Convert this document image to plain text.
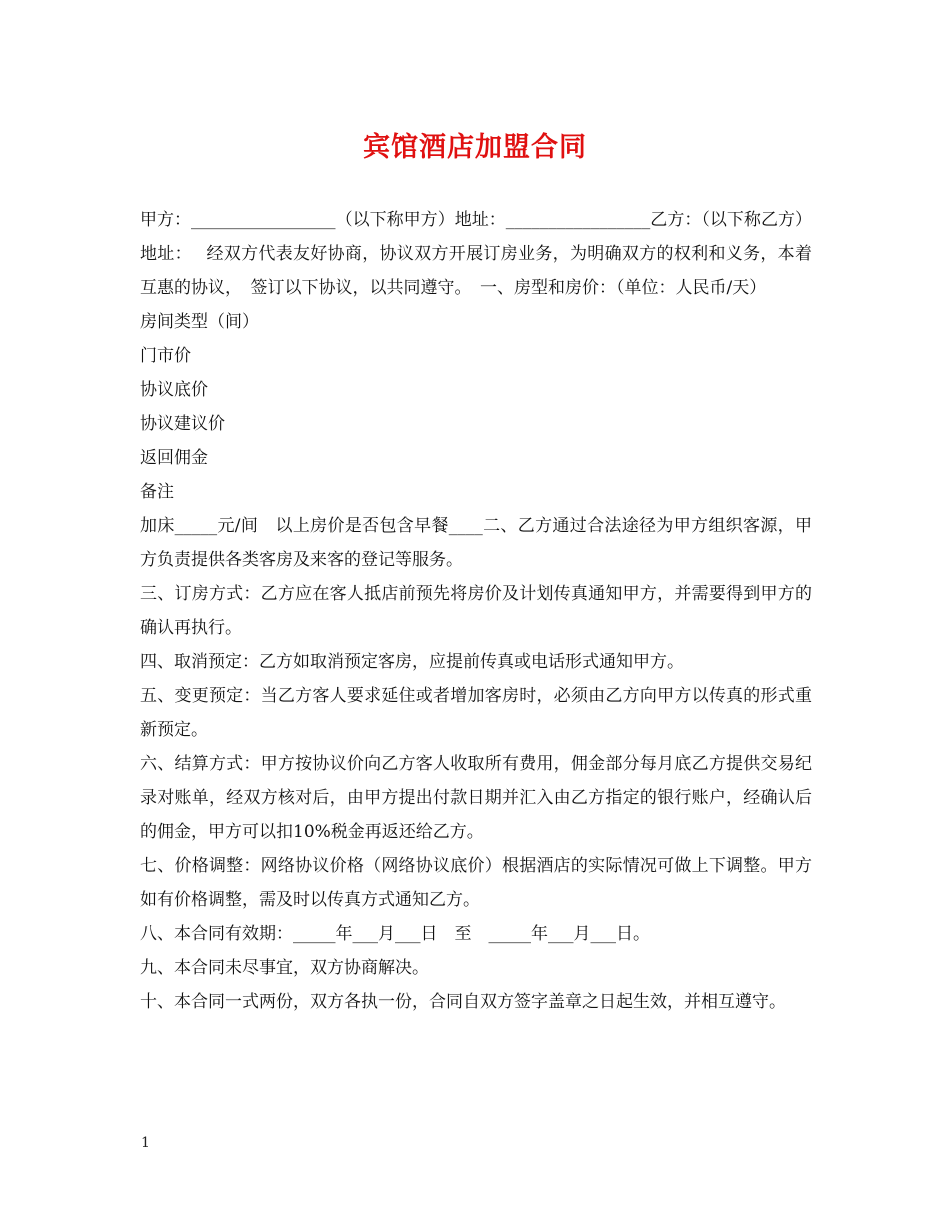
宾馆酒店加盟合同

甲方：_________________（以下称甲方）地址：_________________乙方：（以下称乙方）地址：　 经双方代表友好协商，协议双方开展订房业务，为明确双方的权利和义务，本着互惠的协议，　签订以下协议，以共同遵守。　一、房型和房价：（单位：人民币/天）

房间类型（间）

门市价

协议底价

协议建议价

返回佣金

备注

加床_____元/间　以上房价是否包含早餐____二、乙方通过合法途径为甲方组织客源，甲方负责提供各类客房及来客的登记等服务。

三、订房方式：乙方应在客人抵店前预先将房价及计划传真通知甲方，并需要得到甲方的确认再执行。

四、取消预定：乙方如取消预定客房，应提前传真或电话形式通知甲方。

五、变更预定：当乙方客人要求延住或者增加客房时，必须由乙方向甲方以传真的形式重新预定。

六、结算方式：甲方按协议价向乙方客人收取所有费用，佣金部分每月底乙方提供交易纪录对账单，经双方核对后，由甲方提出付款日期并汇入由乙方指定的银行账户，经确认后的佣金，甲方可以扣10%税金再返还给乙方。

七、价格调整：网络协议价格（网络协议底价）根据酒店的实际情况可做上下调整。甲方如有价格调整，需及时以传真方式通知乙方。

八、本合同有效期：_____年___月___日　至　_____年___月___日。

九、本合同未尽事宜，双方协商解决。

十、本合同一式两份，双方各执一份，合同自双方签字盖章之日起生效，并相互遵守。

1
